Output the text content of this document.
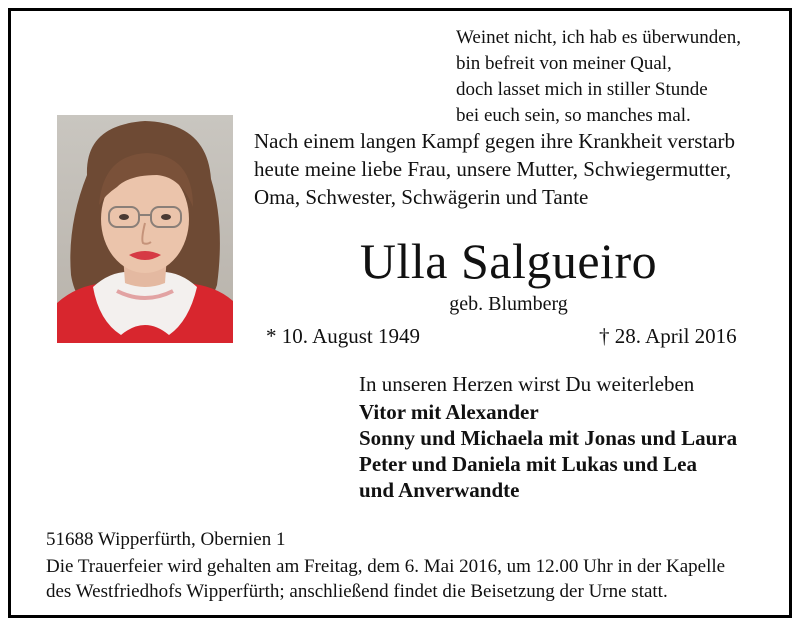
Weinet nicht, ich hab es überwunden,
bin befreit von meiner Qual,
doch lasset mich in stiller Stunde
bei euch sein, so manches mal.
Nach einem langen Kampf gegen ihre Krankheit verstarb
heute meine liebe Frau, unsere Mutter, Schwiegermutter,
Oma, Schwester, Schwägerin und Tante
Ulla Salgueiro
geb. Blumberg
* 10. August 1949	† 28. April 2016
In unseren Herzen wirst Du weiterleben
Vitor mit Alexander
Sonny und Michaela mit Jonas und Laura
Peter und Daniela mit Lukas und Lea
und Anverwandte
51688 Wipperfürth, Obernien 1
Die Trauerfeier wird gehalten am Freitag, dem 6. Mai 2016, um 12.00 Uhr in der Kapelle
des Westfriedhofs Wipperfürth; anschließend findet die Beisetzung der Urne statt.
